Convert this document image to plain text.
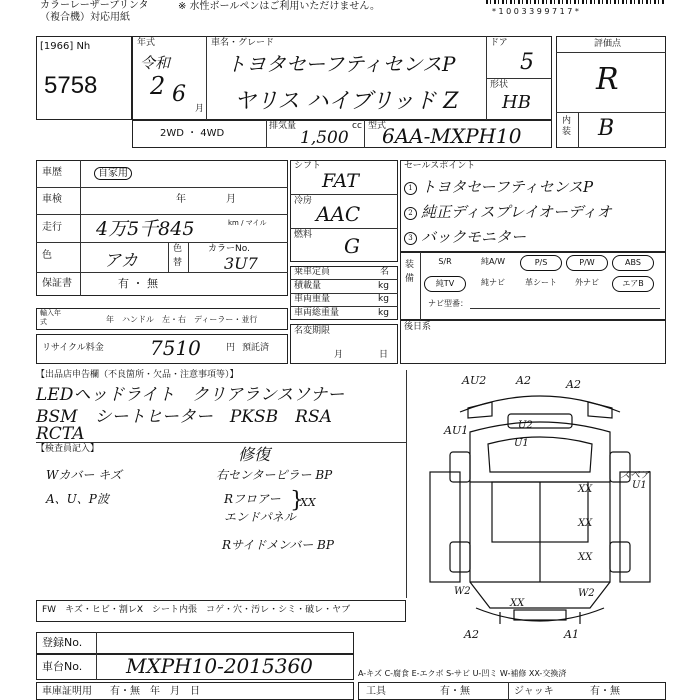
カラーレーザープリンタ
（複合機）対応用紙
※ 水性ボールペンはご利用いただけません。	* 1 0 0 3 3 9 9 7 1 7 *
[1966] Nh
5758
年式
令和
2 6
月
車名・グレード
トヨタセーフティセンスP
ヤリス ハイブリッド Z
ドア
5
形状
HB
2WD ・ 4WD
排気量	cc
1,500
型式
6AA-MXPH10
評価点
R
内装 B
車歴	自家用
車検	年　　　　月
走行 4万5千845	km / マイル
色	アカ
色
替
カラーNo.
3U7
保証書	有 ・ 無
輸入年式	年　ハンドル　左・右　ディーラー・並行
リサイクル料金 7510	円 預託済
シフト
FAT
冷房
AAC
燃料 G
乗車定員	名
積載量	kg
車両重量	kg
車両総重量	kg
名変期限
月　　　　日
セールスポイント
1 トヨタセーフティセンスP
2 純正ディスプレイオーディオ
3 バックモニター
装備
S/R	純A/W	P/S	P/W	ABS
純TV	純ナビ	革シート	外ナビ	エアB
ナビ型番：
後日系
【出品店申告欄（不良箇所・欠品・注意事項等）】
LEDヘッドライト　クリアランスソナー
BSM　シートヒーター　PKSB　RSA
RCTA
【検査員記入】	修復
Wカバー キズ
A、U、P波
右センターピラー BP
Rフロアー
エンドパネル
}
XX
Rサイドメンバー BP
AU2	A2	A2
AU1	U2
U1
XX	U1
XX
XX
スペア
W2
XX
W2
A2	A1
FW　キズ・ヒビ・割レX　シート内張　コゲ・穴・汚レ・シミ・破レ・ヤブ
登録No.
車台No. MXPH10-2015360
車庫証明用 有・無　年　月　日
A-キズ C-腐食 E-エクボ S-サビ U-凹ミ W-補修 XX-交換済
工具	有・無	ジャッキ	有・無
